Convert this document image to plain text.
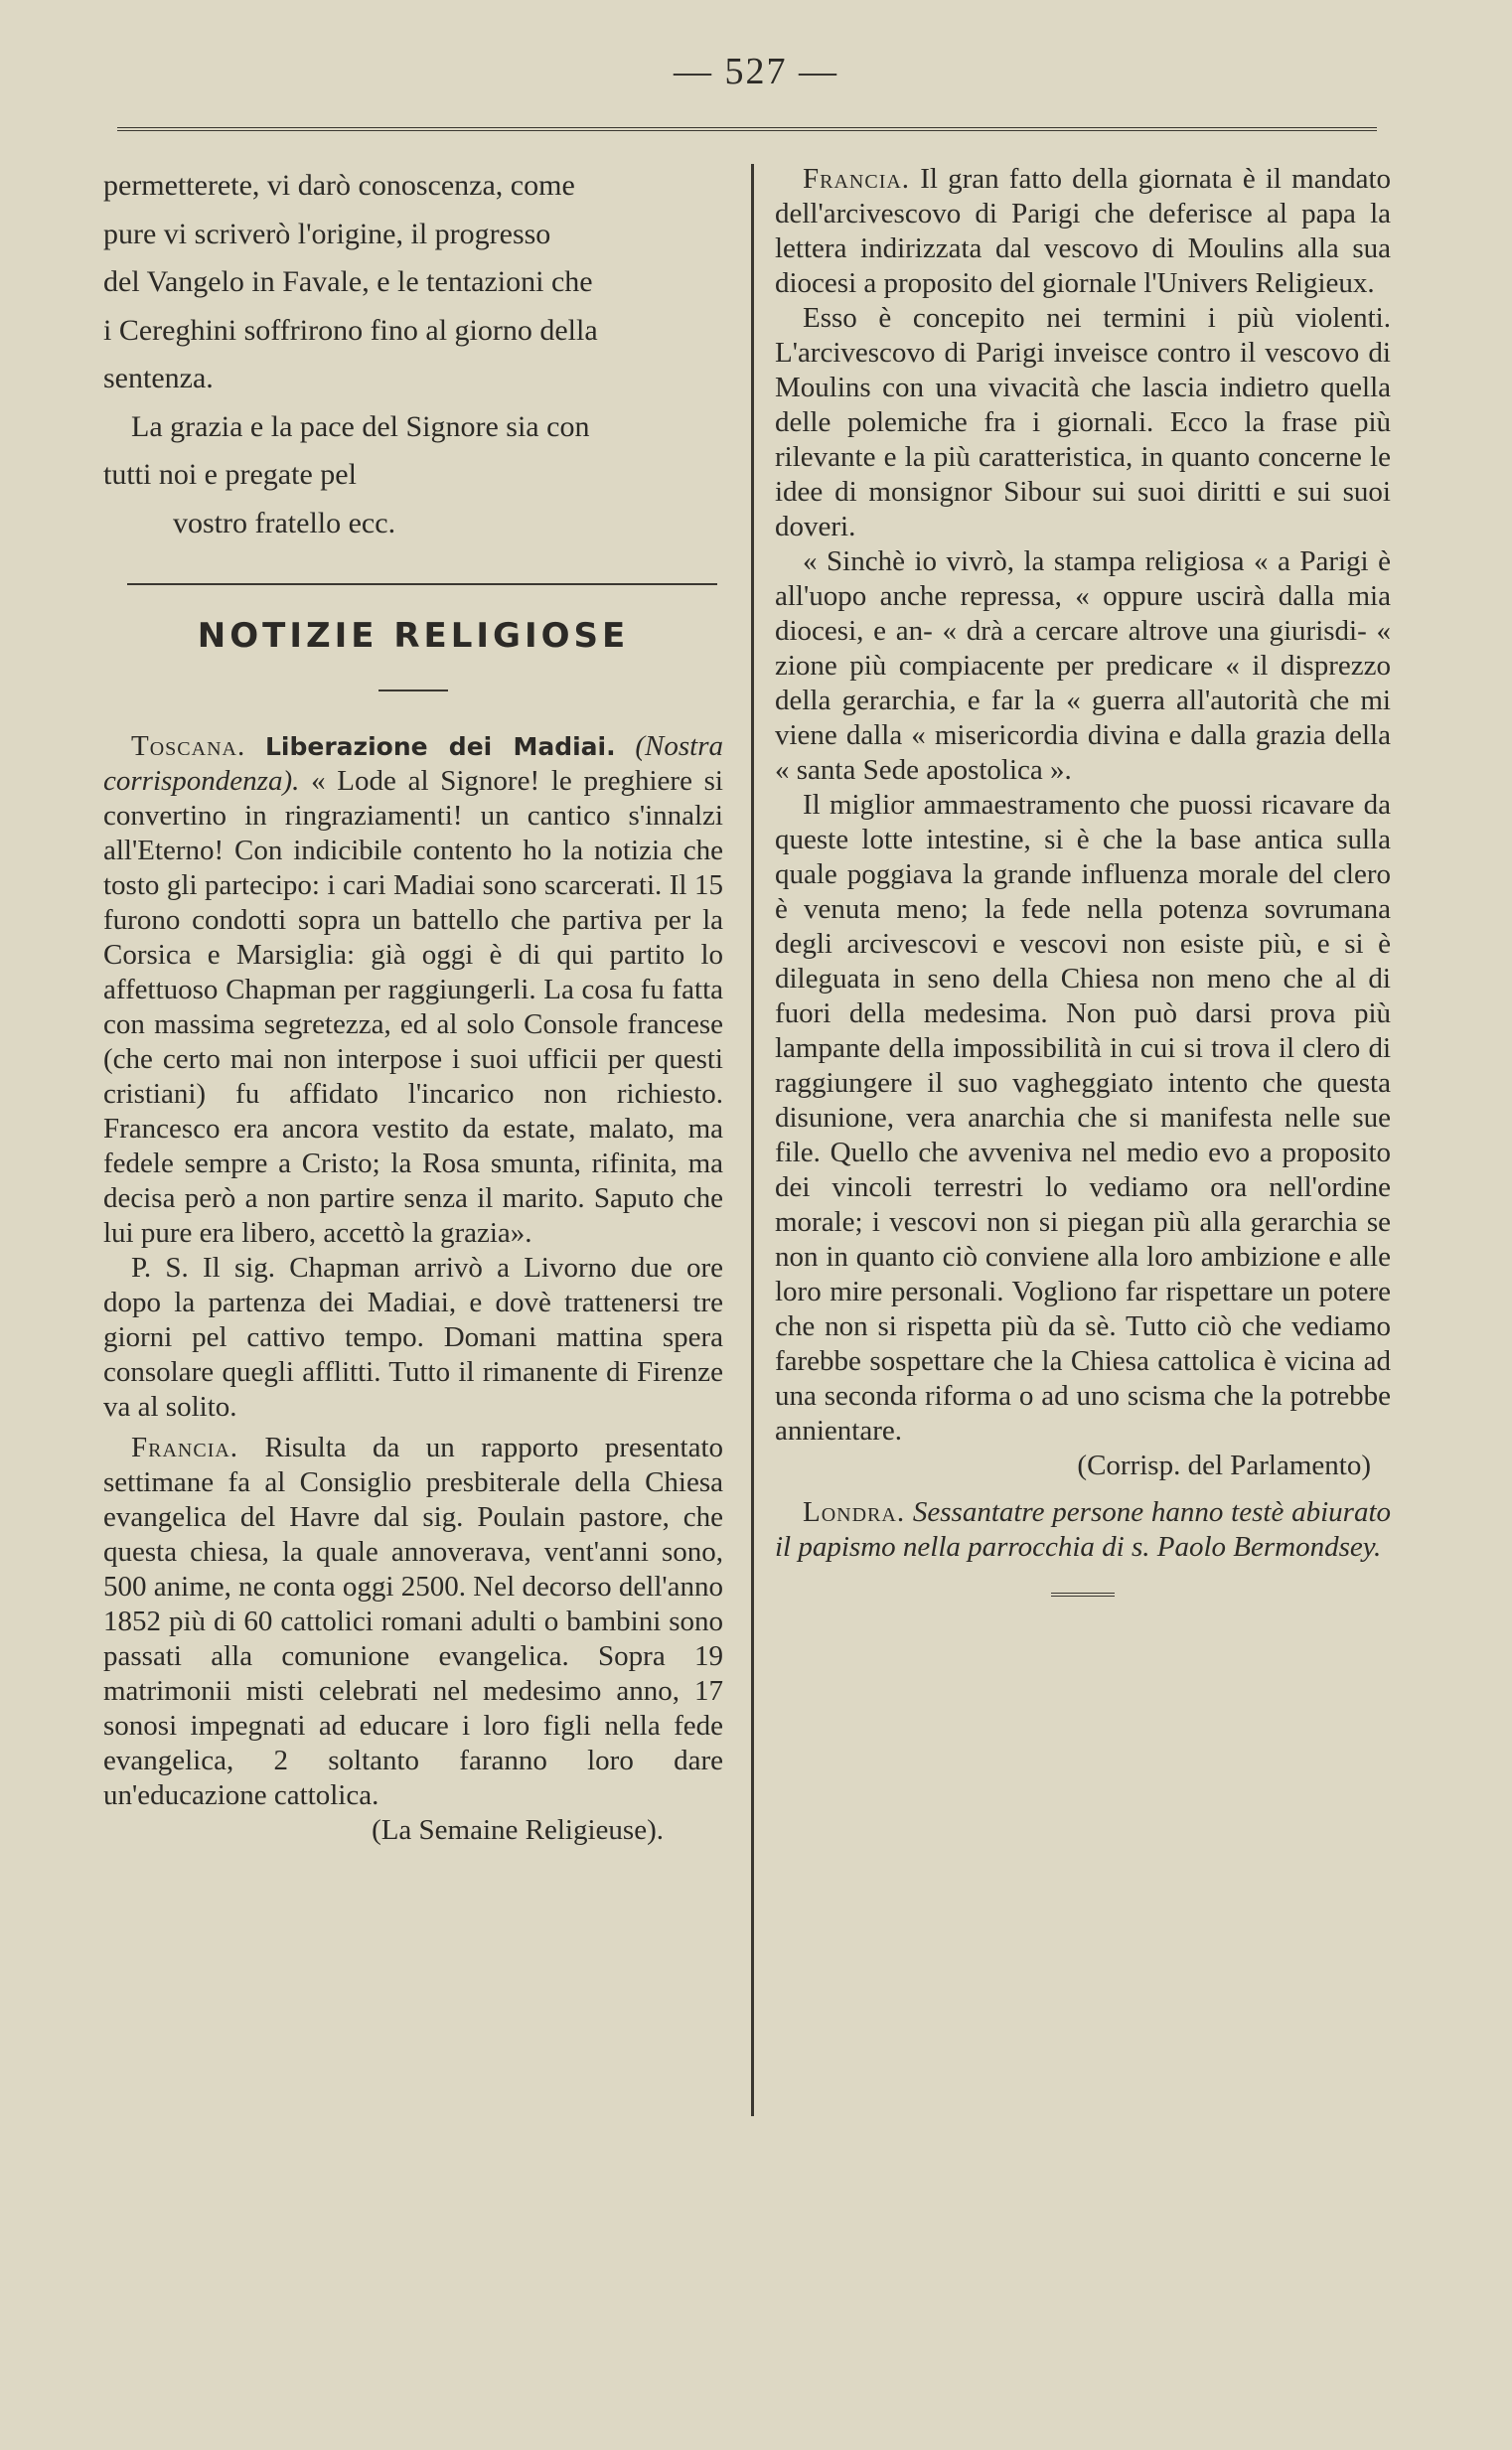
— 527 —

permetterete, vi darò conoscenza, come

pure vi scriverò l'origine, il progresso

del Vangelo in Favale, e le tentazioni che

i Cereghini soffrirono fino al giorno della

sentenza.

La grazia e la pace del Signore sia con

tutti noi e pregate pel

vostro fratello ecc.

NOTIZIE RELIGIOSE

Toscana. Liberazione dei Madiai. (Nostra corrispondenza). « Lode al Signore! le preghiere si convertino in ringraziamenti! un cantico s'innalzi all'Eterno! Con indicibile contento ho la notizia che tosto gli partecipo: i cari Madiai sono scarcerati. Il 15 furono condotti sopra un battello che partiva per la Corsica e Marsiglia: già oggi è di qui partito lo affettuoso Chapman per raggiungerli. La cosa fu fatta con massima segretezza, ed al solo Console francese (che certo mai non interpose i suoi ufficii per questi cristiani) fu affidato l'incarico non richiesto. Francesco era ancora vestito da estate, malato, ma fedele sempre a Cristo; la Rosa smunta, rifinita, ma decisa però a non partire senza il marito. Saputo che lui pure era libero, accettò la grazia».

P. S. Il sig. Chapman arrivò a Livorno due ore dopo la partenza dei Madiai, e dovè trattenersi tre giorni pel cattivo tempo. Domani mattina spera consolare quegli afflitti. Tutto il rimanente di Firenze va al solito.

Francia. Risulta da un rapporto presentato settimane fa al Consiglio presbiterale della Chiesa evangelica del Havre dal sig. Poulain pastore, che questa chiesa, la quale annoverava, vent'anni sono, 500 anime, ne conta oggi 2500. Nel decorso dell'anno 1852 più di 60 cattolici romani adulti o bambini sono passati alla comunione evangelica. Sopra 19 matrimonii misti celebrati nel medesimo anno, 17 sonosi impegnati ad educare i loro figli nella fede evangelica, 2 soltanto faranno loro dare un'educazione cattolica.

(La Semaine Religieuse).

Francia. Il gran fatto della giornata è il mandato dell'arcivescovo di Parigi che deferisce al papa la lettera indirizzata dal vescovo di Moulins alla sua diocesi a proposito del giornale l'Univers Religieux.

Esso è concepito nei termini i più violenti. L'arcivescovo di Parigi inveisce contro il vescovo di Moulins con una vivacità che lascia indietro quella delle polemiche fra i giornali. Ecco la frase più rilevante e la più caratteristica, in quanto concerne le idee di monsignor Sibour sui suoi diritti e sui suoi doveri.

« Sinchè io vivrò, la stampa religiosa « a Parigi è all'uopo anche repressa, « oppure uscirà dalla mia diocesi, e an- « drà a cercare altrove una giurisdi- « zione più compiacente per predicare « il disprezzo della gerarchia, e far la « guerra all'autorità che mi viene dalla « misericordia divina e dalla grazia della « santa Sede apostolica ».

Il miglior ammaestramento che puossi ricavare da queste lotte intestine, si è che la base antica sulla quale poggiava la grande influenza morale del clero è venuta meno; la fede nella potenza sovrumana degli arcivescovi e vescovi non esiste più, e si è dileguata in seno della Chiesa non meno che al di fuori della medesima. Non può darsi prova più lampante della impossibilità in cui si trova il clero di raggiungere il suo vagheggiato intento che questa disunione, vera anarchia che si manifesta nelle sue file. Quello che avveniva nel medio evo a proposito dei vincoli terrestri lo vediamo ora nell'ordine morale; i vescovi non si piegan più alla gerarchia se non in quanto ciò conviene alla loro ambizione e alle loro mire personali. Vogliono far rispettare un potere che non si rispetta più da sè. Tutto ciò che vediamo farebbe sospettare che la Chiesa cattolica è vicina ad una seconda riforma o ad uno scisma che la potrebbe annientare.

(Corrisp. del Parlamento)

Londra. Sessantatre persone hanno testè abiurato il papismo nella parrocchia di s. Paolo Bermondsey.
